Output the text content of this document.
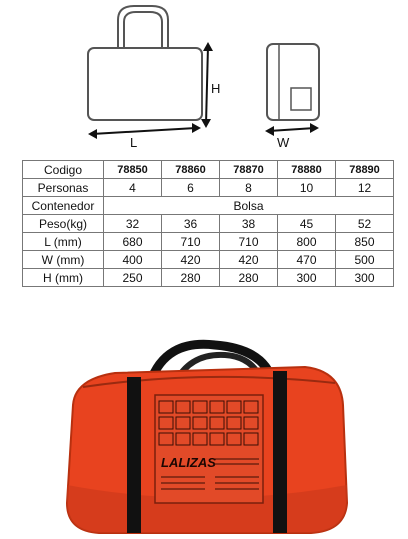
L
H
W
Codigo	78850	78860	78870	78880	78890
Personas	4	6	8	10	12
Contenedor	Bolsa				
Peso(kg)	32	36	38	45	52
L (mm)	680	710	710	800	850
W (mm)	400	420	420	470	500
H (mm)	250	280	280	300	300
LALIZAS
